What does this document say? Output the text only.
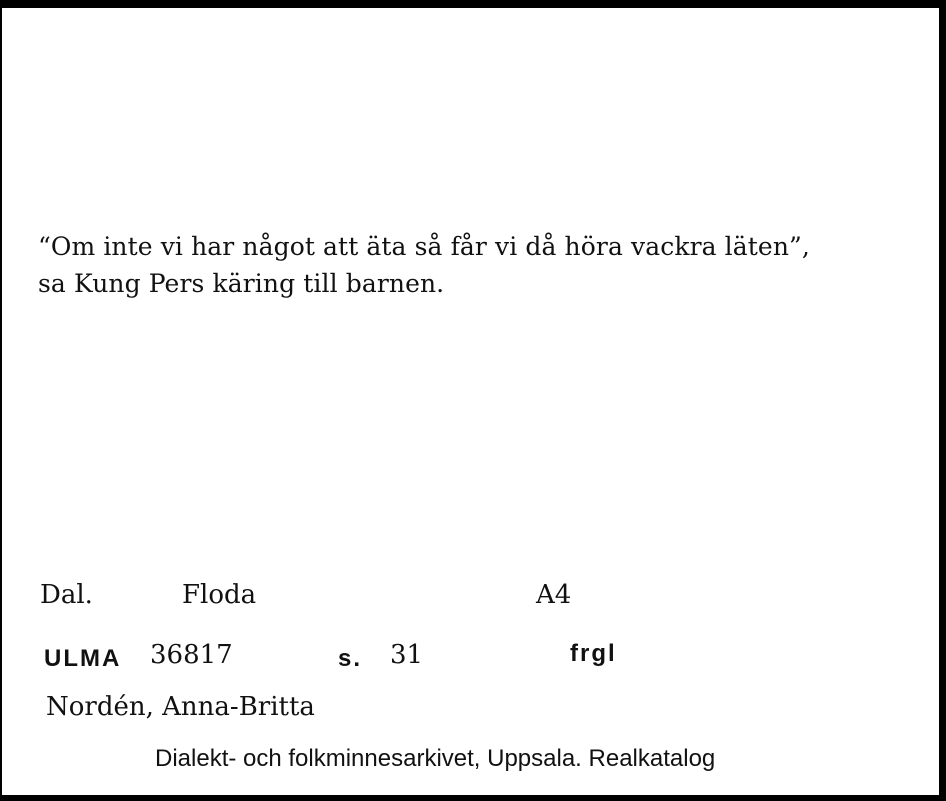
“Om inte vi har något att äta så får vi då höra vackra läten”,
sa Kung Pers käring till barnen.
Dal.	Floda	A4
ULMA 36817	s. 31	frgl
Nordén, Anna-Britta
Dialekt- och folkminnesarkivet, Uppsala. Realkatalog
